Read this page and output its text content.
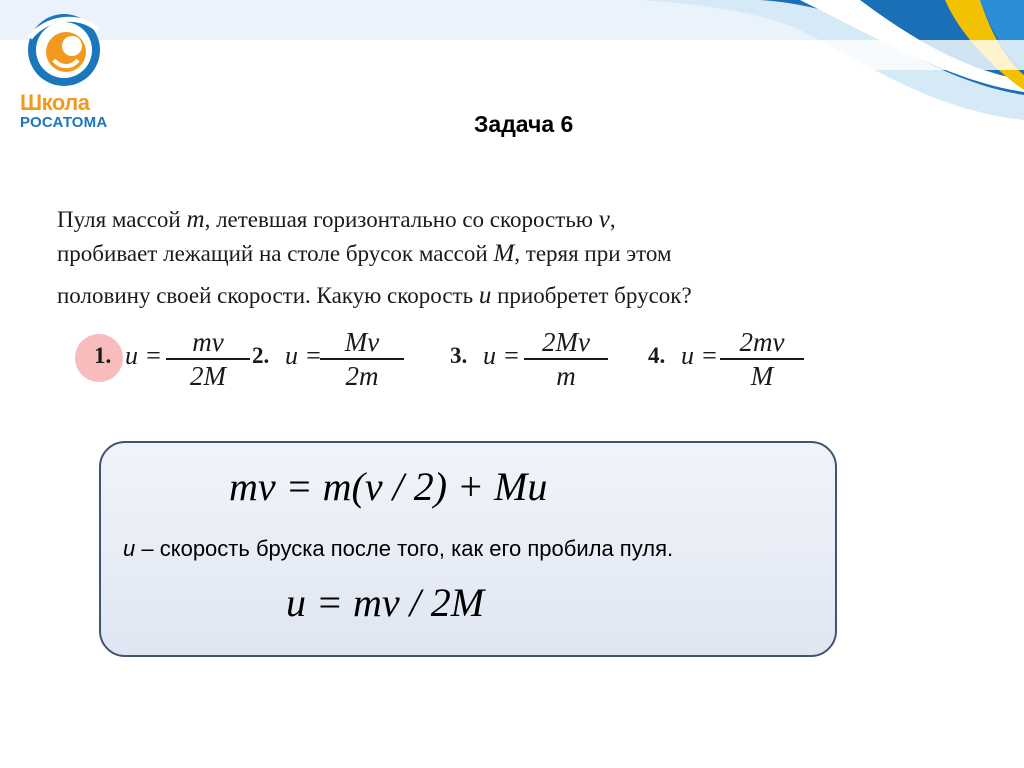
Школа
РОСАТОМА	Задача 6
Пуля массой m, летевшая горизонтально со скоростью v,
пробивает лежащий на столе брусок массой M, теряя при этом
половину своей скорости. Какую скорость u приобретет брусок?
1. $u = \frac{mv}{2M} 2$. u =
$\frac{Mv}{2m} 3$. $u = \frac{2Mv}{m} 4$. $u = \frac{2mv}{M}$
mv = m(v / 2) + Mu
u – скорость бруска после того, как его пробила пуля.
u = mv / 2M
